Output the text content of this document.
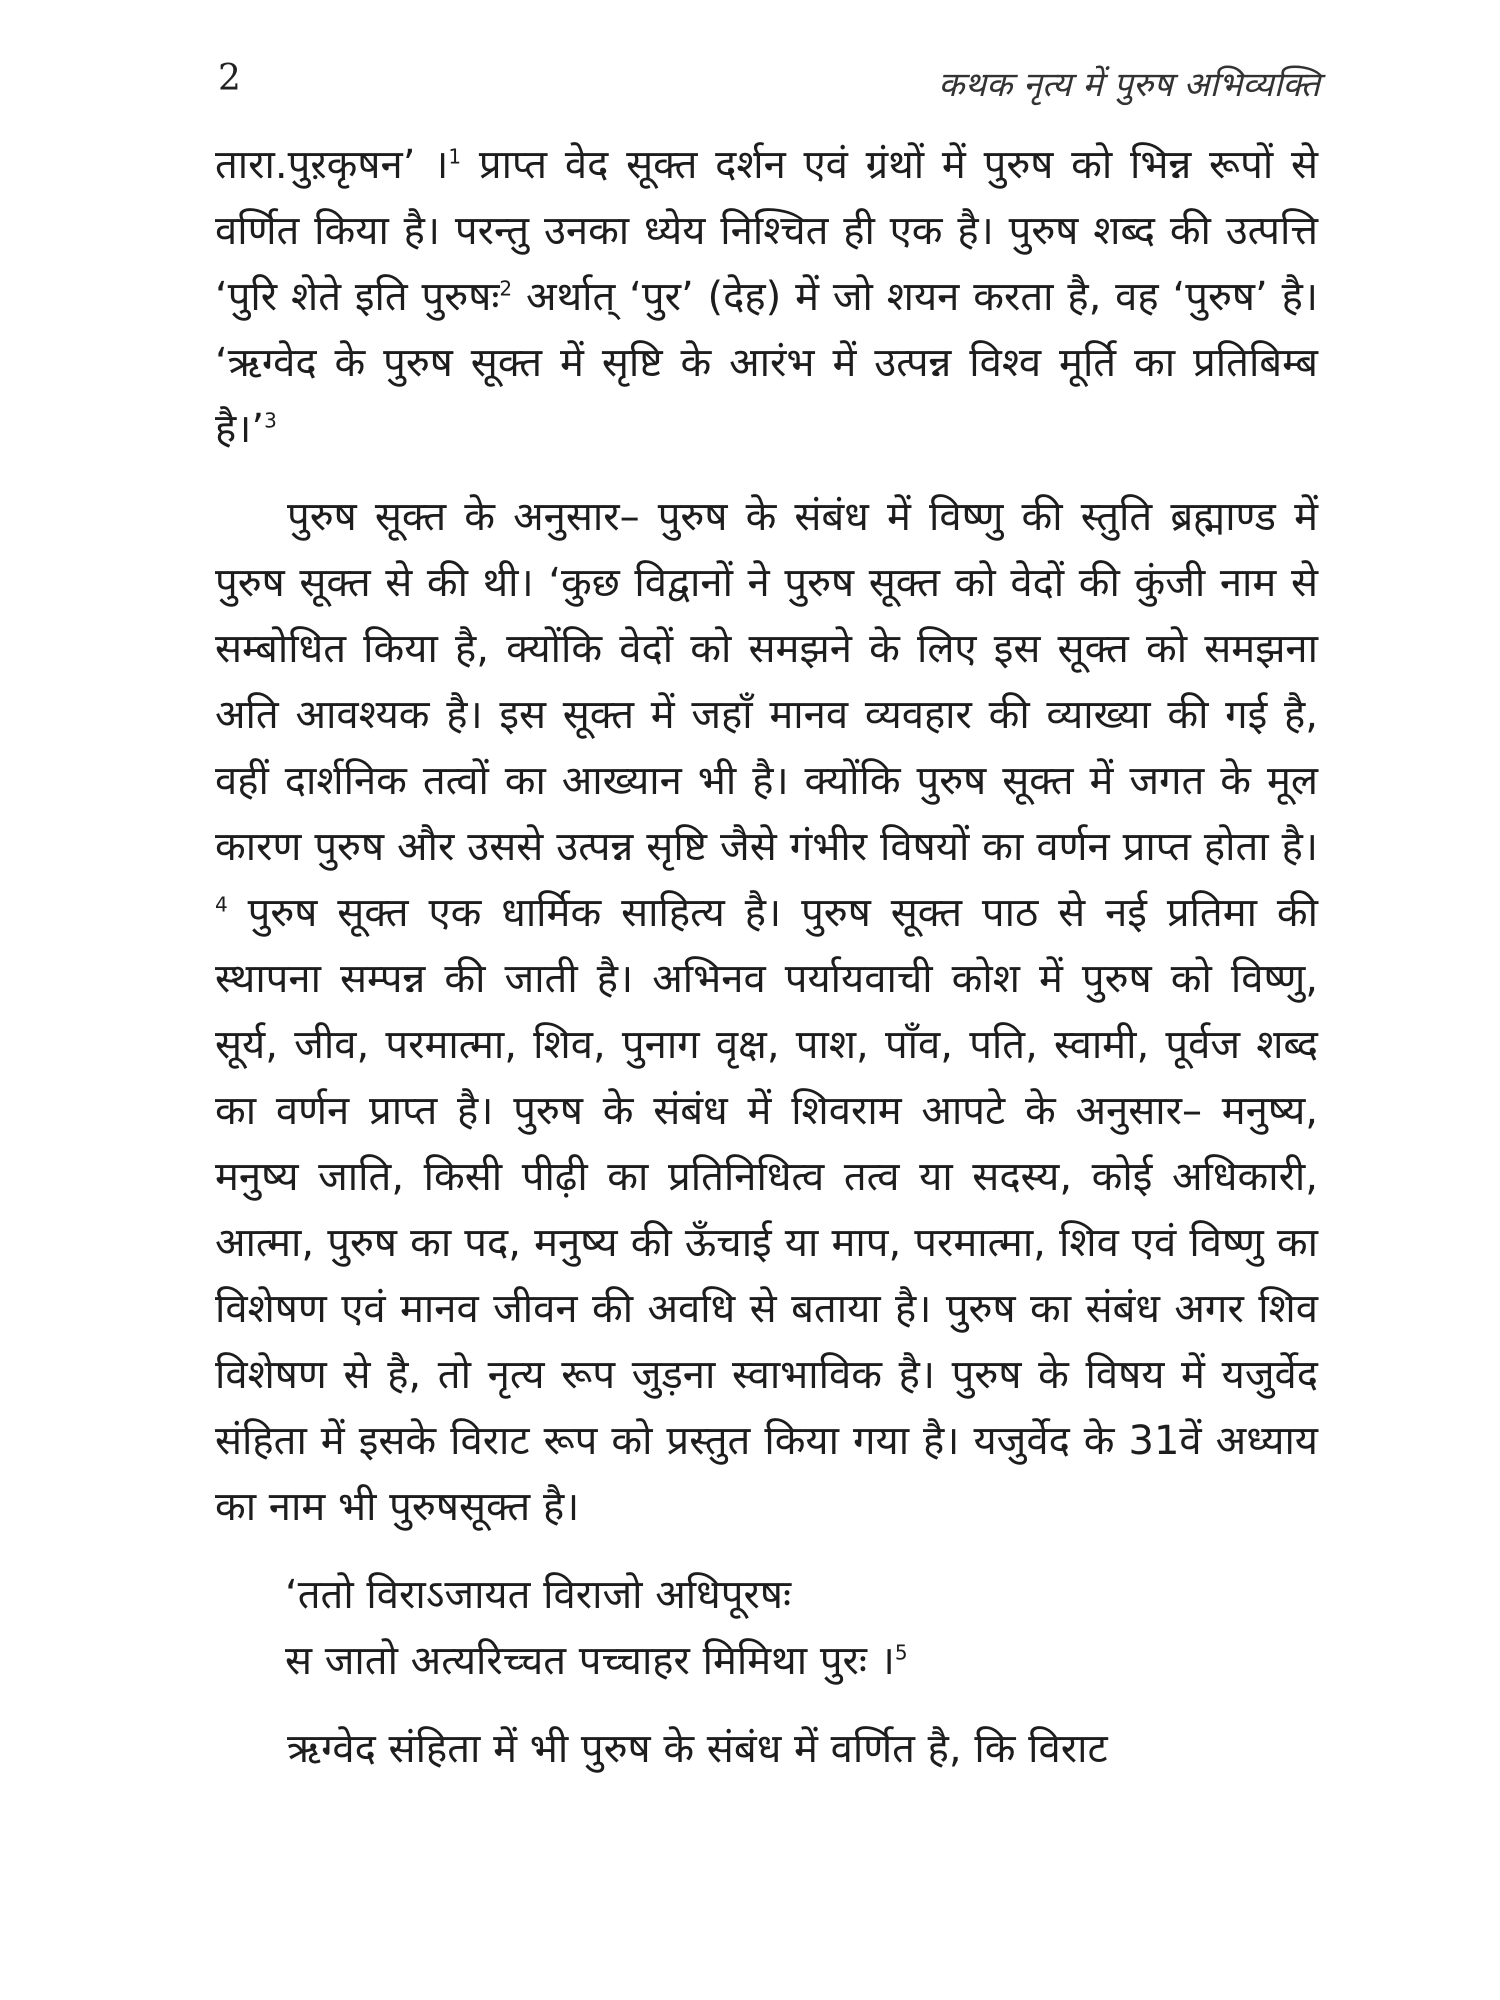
2	कथक नृत्य में पुरुष अभिव्यक्ति

तारा.पुऱकृषन’ ।$^1$ प्राप्त वेद सूक्त दर्शन एवं ग्रंथों में पुरुष को भिन्न रूपों से वर्णित किया है। परन्तु उनका ध्येय निश्चित ही एक है। पुरुष शब्द की उत्पत्ति ‘पुरि शेते इति पुरुषः$^2$ अर्थात् ‘पुर’ (देह) में जो शयन करता है, वह ‘पुरुष’ है। ‘ऋग्वेद के पुरुष सूक्त में सृष्टि के आरंभ में उत्पन्न विश्व मूर्ति का प्रतिबिम्ब है।’$^3$

पुरुष सूक्त के अनुसार– पुरुष के संबंध में विष्णु की स्तुति ब्रह्माण्ड में पुरुष सूक्त से की थी। ‘कुछ विद्वानों ने पुरुष सूक्त को वेदों की कुंजी नाम से सम्बोधित किया है, क्योंकि वेदों को समझने के लिए इस सूक्त को समझना अति आवश्यक है। इस सूक्त में जहाँ मानव व्यवहार की व्याख्या की गई है, वहीं दार्शनिक तत्वों का आख्यान भी है। क्योंकि पुरुष सूक्त में जगत के मूल कारण पुरुष और उससे उत्पन्न सृष्टि जैसे गंभीर विषयों का वर्णन प्राप्त होता है।$^4$ पुरुष सूक्त एक धार्मिक साहित्य है। पुरुष सूक्त पाठ से नई प्रतिमा की स्थापना सम्पन्न की जाती है। अभिनव पर्यायवाची कोश में पुरुष को विष्णु, सूर्य, जीव, परमात्मा, शिव, पुनाग वृक्ष, पाश, पाँव, पति, स्वामी, पूर्वज शब्द का वर्णन प्राप्त है। पुरुष के संबंध में शिवराम आपटे के अनुसार– मनुष्य, मनुष्य जाति, किसी पीढ़ी का प्रतिनिधित्व तत्व या सदस्य, कोई अधिकारी, आत्मा, पुरुष का पद, मनुष्य की ऊँचाई या माप, परमात्मा, शिव एवं विष्णु का विशेषण एवं मानव जीवन की अवधि से बताया है। पुरुष का संबंध अगर शिव विशेषण से है, तो नृत्य रूप जुड़ना स्वाभाविक है। पुरुष के विषय में यजुर्वेद संहिता में इसके विराट रूप को प्रस्तुत किया गया है। यजुर्वेद के 31वें अध्याय का नाम भी पुरुषसूक्त है।

‘ततो विराऽजायत विराजो अधिपूरषः
स जातो अत्यरिच्चत पच्चाहर मिमिथा पुरः ।$^5$

ऋग्वेद संहिता में भी पुरुष के संबंध में वर्णित है, कि विराट
